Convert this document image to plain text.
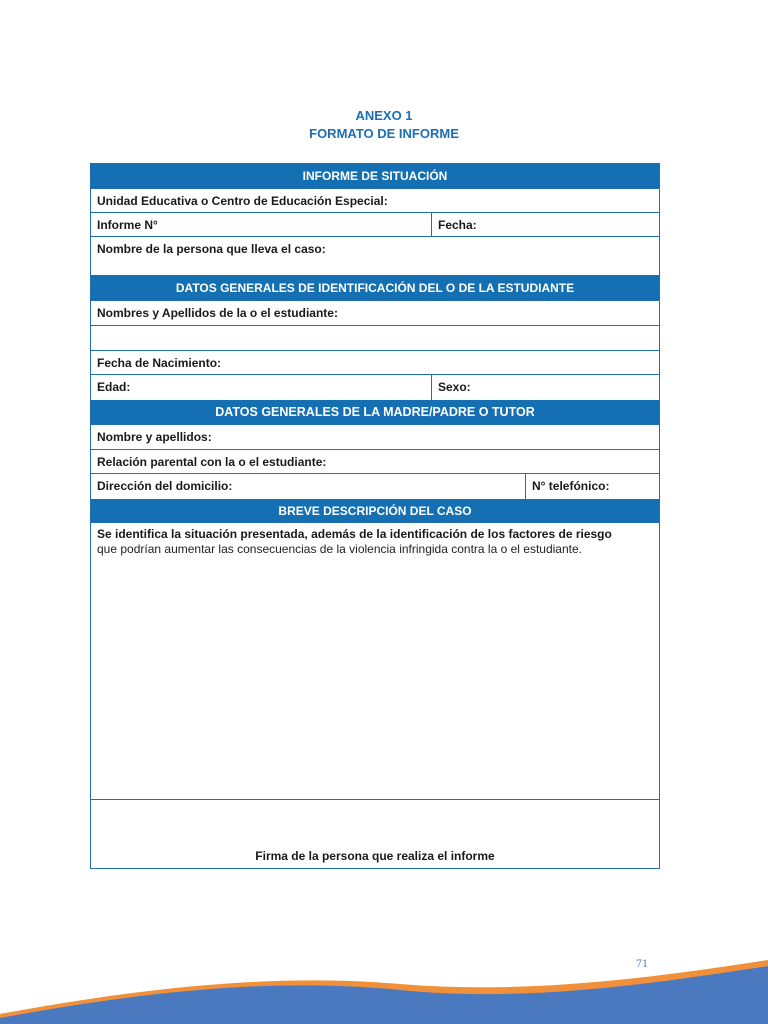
ANEXO 1
FORMATO DE INFORME
INFORME DE SITUACIÓN
Unidad Educativa o Centro de Educación Especial:
Informe N°	Fecha:
Nombre de la persona que lleva el caso:
DATOS GENERALES DE IDENTIFICACIÓN DEL O DE LA ESTUDIANTE
Nombres y Apellidos de la o el estudiante:
Fecha de Nacimiento:
Edad:	Sexo:
DATOS GENERALES DE LA MADRE/PADRE O TUTOR
Nombre y apellidos:
Relación parental con la o el estudiante:
Dirección del domicilio:	N° telefónico:
BREVE DESCRIPCIÓN DEL CASO
Se identifica la situación presentada, además de la identificación de los factores de riesgo
que podrían aumentar las consecuencias de la violencia infringida contra la o el estudiante.
Firma de la persona que realiza el informe
71
